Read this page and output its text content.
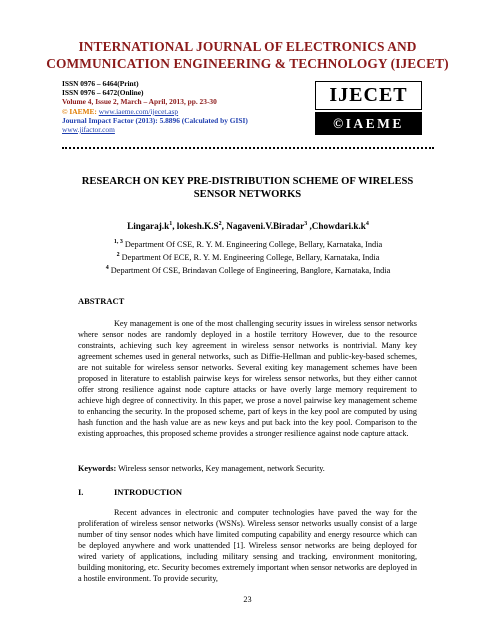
INTERNATIONAL JOURNAL OF ELECTRONICS AND
COMMUNICATION ENGINEERING & TECHNOLOGY (IJECET)
ISSN 0976 – 6464(Print)
ISSN 0976 – 6472(Online)
Volume 4, Issue 2, March – April, 2013, pp. 23-30
© IAEME: www.iaeme.com/ijecet.asp
Journal Impact Factor (2013): 5.8896 (Calculated by GISI)
www.jifactor.com
IJECET
©IAEME
RESEARCH ON KEY PRE-DISTRIBUTION SCHEME OF WIRELESS
SENSOR NETWORKS
$Lingaraj.k^1$, $lokesh.K.S^2$, Nagaveni.V.Biradar$^3$ $,Chowdari.k.k^4$
$^{1, 3}$ Department Of CSE, R. Y. M. Engineering College, Bellary, Karnataka, India
$^2$ Department Of ECE, R. Y. M. Engineering College, Bellary, Karnataka, India
$^4$ Department Of CSE, Brindavan College of Engineering, Banglore, Karnataka, India
ABSTRACT

Key management is one of the most challenging security issues in wireless sensor networks where sensor nodes are randomly deployed in a hostile territory However, due to the resource constraints, achieving such key agreement in wireless sensor networks is nontrivial. Many key agreement schemes used in general networks, such as Diffie-Hellman and public-key-based schemes, are not suitable for wireless sensor networks. Several exiting key management schemes have been proposed in literature to establish pairwise keys for wireless sensor networks, but they either cannot offer strong resilience against node capture attacks or have overly large memory requirement to achieve high degree of connectivity. In this paper, we prose a novel pairwise key management scheme to enhancing the security. In the proposed scheme, part of keys in the key pool are computed by using hash function and the hash value are as new keys and put back into the key pool. Comparison to the existing approaches, this proposed scheme provides a stronger resilience against node capture attack.

Keywords: Wireless sensor networks, Key management, network Security.
I.	INTRODUCTION

Recent advances in electronic and computer technologies have paved the way for the proliferation of wireless sensor networks (WSNs). Wireless sensor networks usually consist of a large number of tiny sensor nodes which have limited computing capability and energy resource which can be deployed anywhere and work unattended [1]. Wireless sensor networks are being deployed for wired variety of applications, including military sensing and tracking, environment monitoring, building monitoring, etc. Security becomes extremely important when sensor networks are deployed in a hostile environment. To provide security,

23
